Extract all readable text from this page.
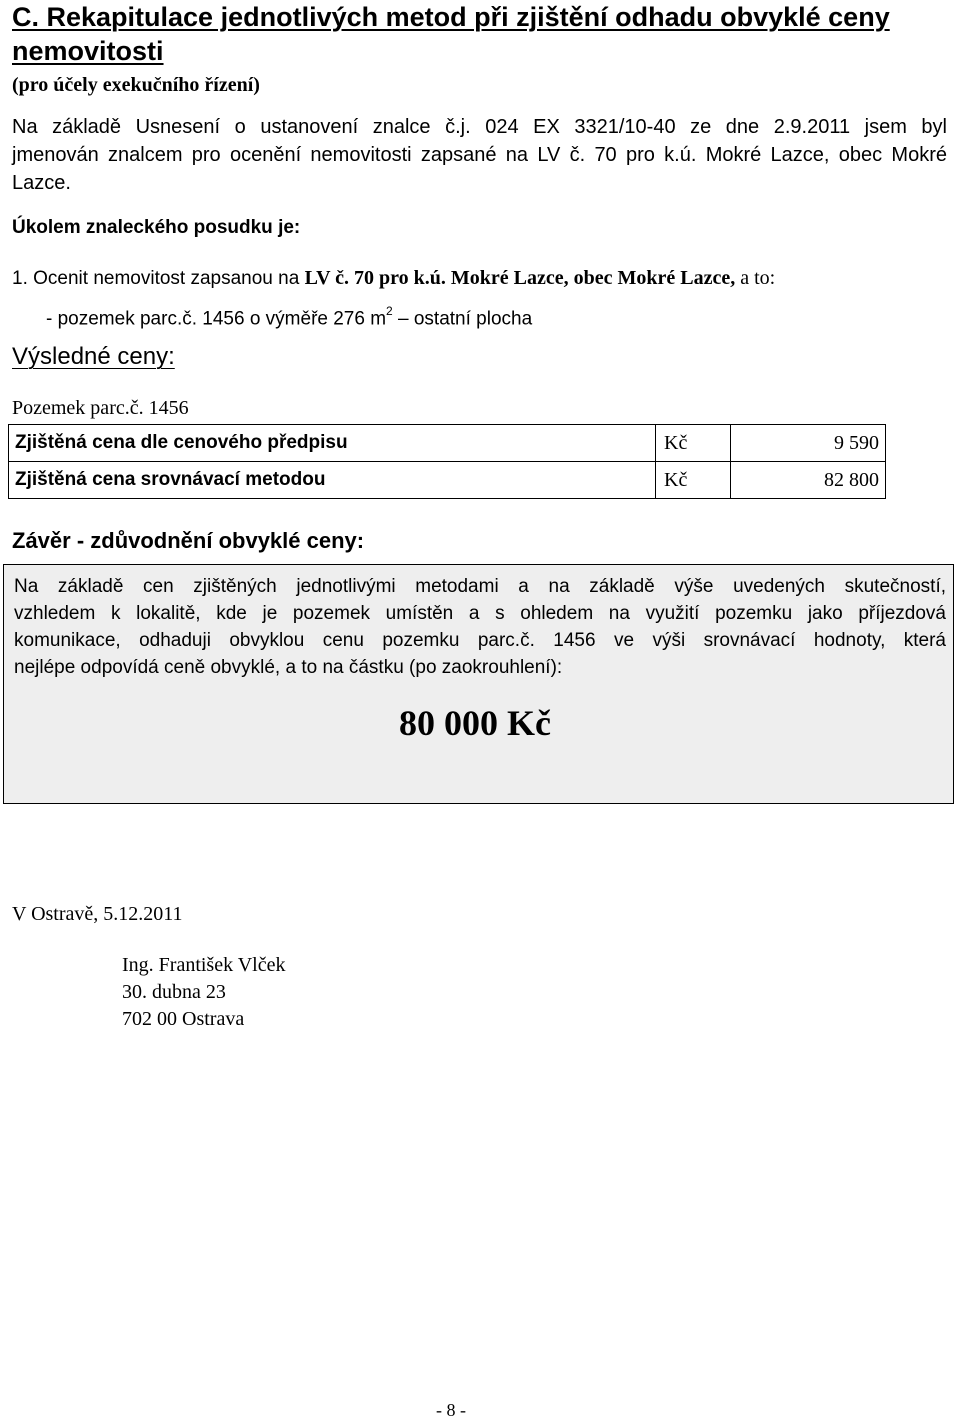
C. Rekapitulace jednotlivých metod při zjištění odhadu obvyklé ceny
nemovitosti
(pro účely exekučního řízení)
Na základě Usnesení o ustanovení znalce č.j. 024 EX 3321/10-40 ze dne 2.9.2011 jsem byl
jmenován znalcem pro ocenění nemovitosti zapsané na LV č. 70 pro k.ú. Mokré Lazce, obec Mokré
Lazce.
Úkolem znaleckého posudku je:
1. Ocenit nemovitost zapsanou na LV č. 70 pro k.ú. Mokré Lazce, obec Mokré Lazce, a to:
- pozemek parc.č. 1456 o výměře 276 $m^2$ – ostatní plocha
Výsledné ceny:
Pozemek parc.č. 1456
Zjištěná cena dle cenového předpisu	Kč	9 590
Zjištěná cena srovnávací metodou	Kč	82 800
Závěr - zdůvodnění obvyklé ceny:
Na základě cen zjištěných jednotlivými metodami a na základě výše uvedených skutečností,
vzhledem k lokalitě, kde je pozemek umístěn a s ohledem na využití pozemku jako příjezdová
komunikace, odhaduji obvyklou cenu pozemku parc.č. 1456 ve výši srovnávací hodnoty, která
nejlépe odpovídá ceně obvyklé, a to na částku (po zaokrouhlení):
80 000 Kč
V Ostravě, 5.12.2011
Ing. František Vlček
30. dubna 23
702 00 Ostrava
- 8 -
